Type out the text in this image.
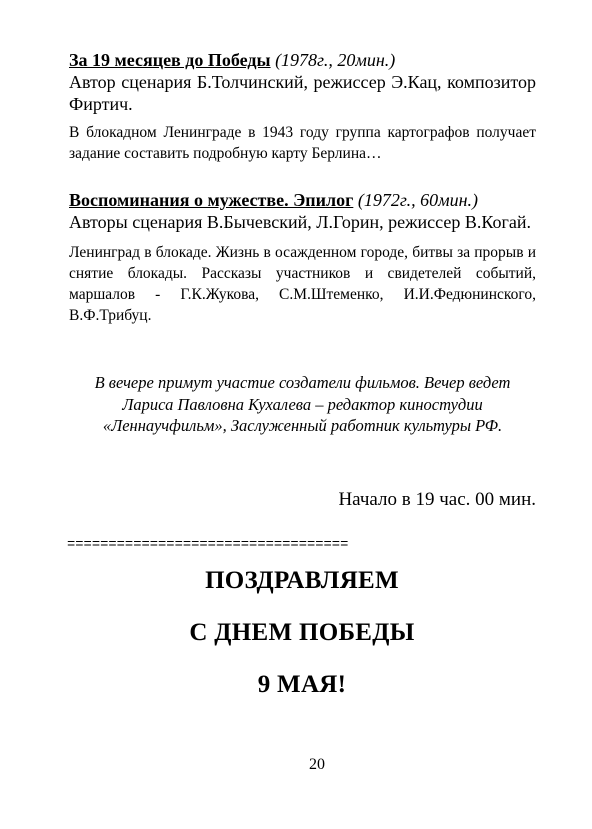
За 19 месяцев до Победы (1978г., 20мин.)

Автор сценария Б.Толчинский, режиссер Э.Кац, композитор Фиртич.

В блокадном Ленинграде в 1943 году группа картографов получает задание составить подробную карту Берлина…

Воспоминания о мужестве. Эпилог (1972г., 60мин.)

Авторы сценария В.Бычевский, Л.Горин, режиссер В.Когай.

Ленинград в блокаде. Жизнь в осажденном городе, битвы за прорыв и снятие блокады. Рассказы участников и свидетелей событий, маршалов - Г.К.Жукова, С.М.Штеменко, И.И.Федюнинского, В.Ф.Трибуц.

В вечере примут участие создатели фильмов. Вечер ведет Лариса Павловна Кухалева – редактор киностудии «Леннаучфильм», Заслуженный работник культуры РФ.

Начало в 19 час. 00 мин.

==================================

ПОЗДРАВЛЯЕМ

С ДНЕМ ПОБЕДЫ

9 МАЯ!

20
